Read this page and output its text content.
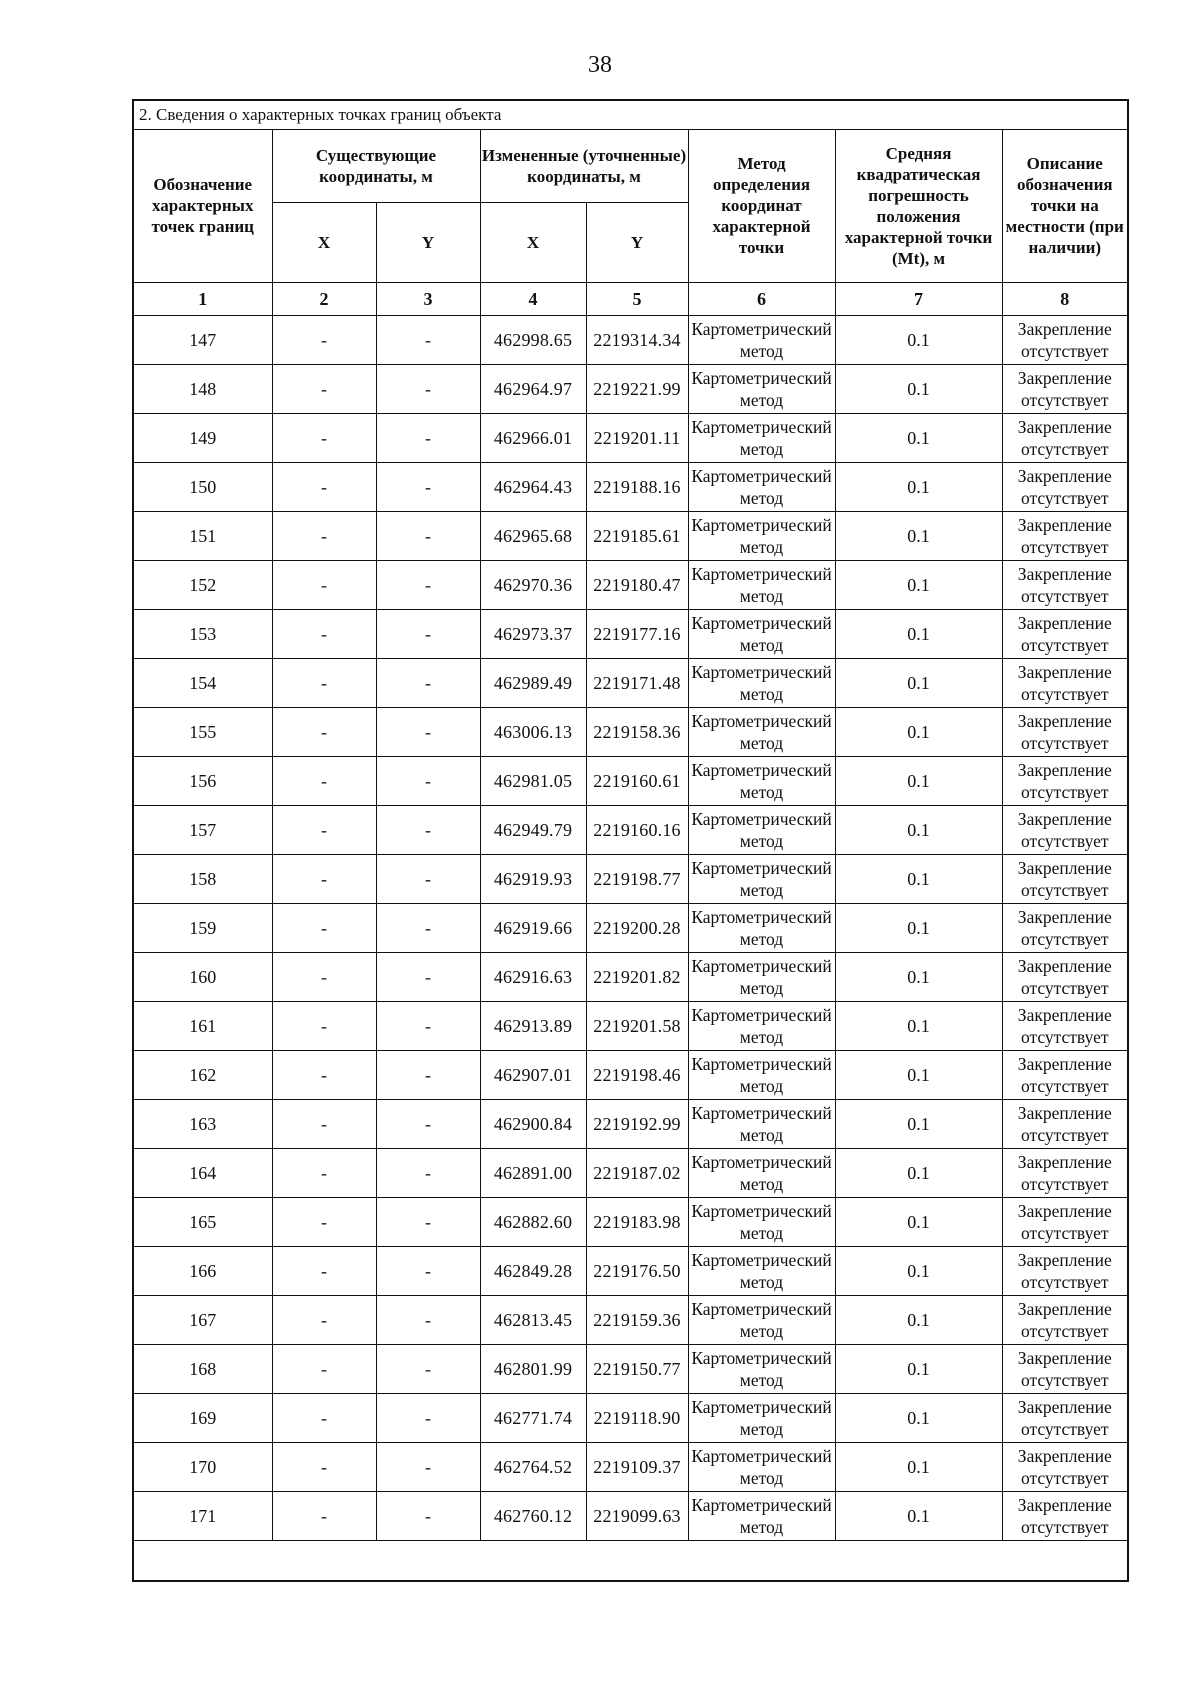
38
2. Сведения о характерных точках границ объекта
Обозначение характерных точек границ	Существующие координаты, м		Измененные (уточненные) координаты, м		Метод определения координат характерной точки	Средняя квадратическая погрешность положения характерной точки (Mt), м	Описание обозначения точки на местности (при наличии)
	X	Y	X	Y			
1	2	3	4	5	6	7	8
147	-	-	462998.65	2219314.34	Картометрический метод	0.1	Закрепление отсутствует
148	-	-	462964.97	2219221.99	Картометрический метод	0.1	Закрепление отсутствует
149	-	-	462966.01	2219201.11	Картометрический метод	0.1	Закрепление отсутствует
150	-	-	462964.43	2219188.16	Картометрический метод	0.1	Закрепление отсутствует
151	-	-	462965.68	2219185.61	Картометрический метод	0.1	Закрепление отсутствует
152	-	-	462970.36	2219180.47	Картометрический метод	0.1	Закрепление отсутствует
153	-	-	462973.37	2219177.16	Картометрический метод	0.1	Закрепление отсутствует
154	-	-	462989.49	2219171.48	Картометрический метод	0.1	Закрепление отсутствует
155	-	-	463006.13	2219158.36	Картометрический метод	0.1	Закрепление отсутствует
156	-	-	462981.05	2219160.61	Картометрический метод	0.1	Закрепление отсутствует
157	-	-	462949.79	2219160.16	Картометрический метод	0.1	Закрепление отсутствует
158	-	-	462919.93	2219198.77	Картометрический метод	0.1	Закрепление отсутствует
159	-	-	462919.66	2219200.28	Картометрический метод	0.1	Закрепление отсутствует
160	-	-	462916.63	2219201.82	Картометрический метод	0.1	Закрепление отсутствует
161	-	-	462913.89	2219201.58	Картометрический метод	0.1	Закрепление отсутствует
162	-	-	462907.01	2219198.46	Картометрический метод	0.1	Закрепление отсутствует
163	-	-	462900.84	2219192.99	Картометрический метод	0.1	Закрепление отсутствует
164	-	-	462891.00	2219187.02	Картометрический метод	0.1	Закрепление отсутствует
165	-	-	462882.60	2219183.98	Картометрический метод	0.1	Закрепление отсутствует
166	-	-	462849.28	2219176.50	Картометрический метод	0.1	Закрепление отсутствует
167	-	-	462813.45	2219159.36	Картометрический метод	0.1	Закрепление отсутствует
168	-	-	462801.99	2219150.77	Картометрический метод	0.1	Закрепление отсутствует
169	-	-	462771.74	2219118.90	Картометрический метод	0.1	Закрепление отсутствует
170	-	-	462764.52	2219109.37	Картометрический метод	0.1	Закрепление отсутствует
171	-	-	462760.12	2219099.63	Картометрический метод	0.1	Закрепление отсутствует
